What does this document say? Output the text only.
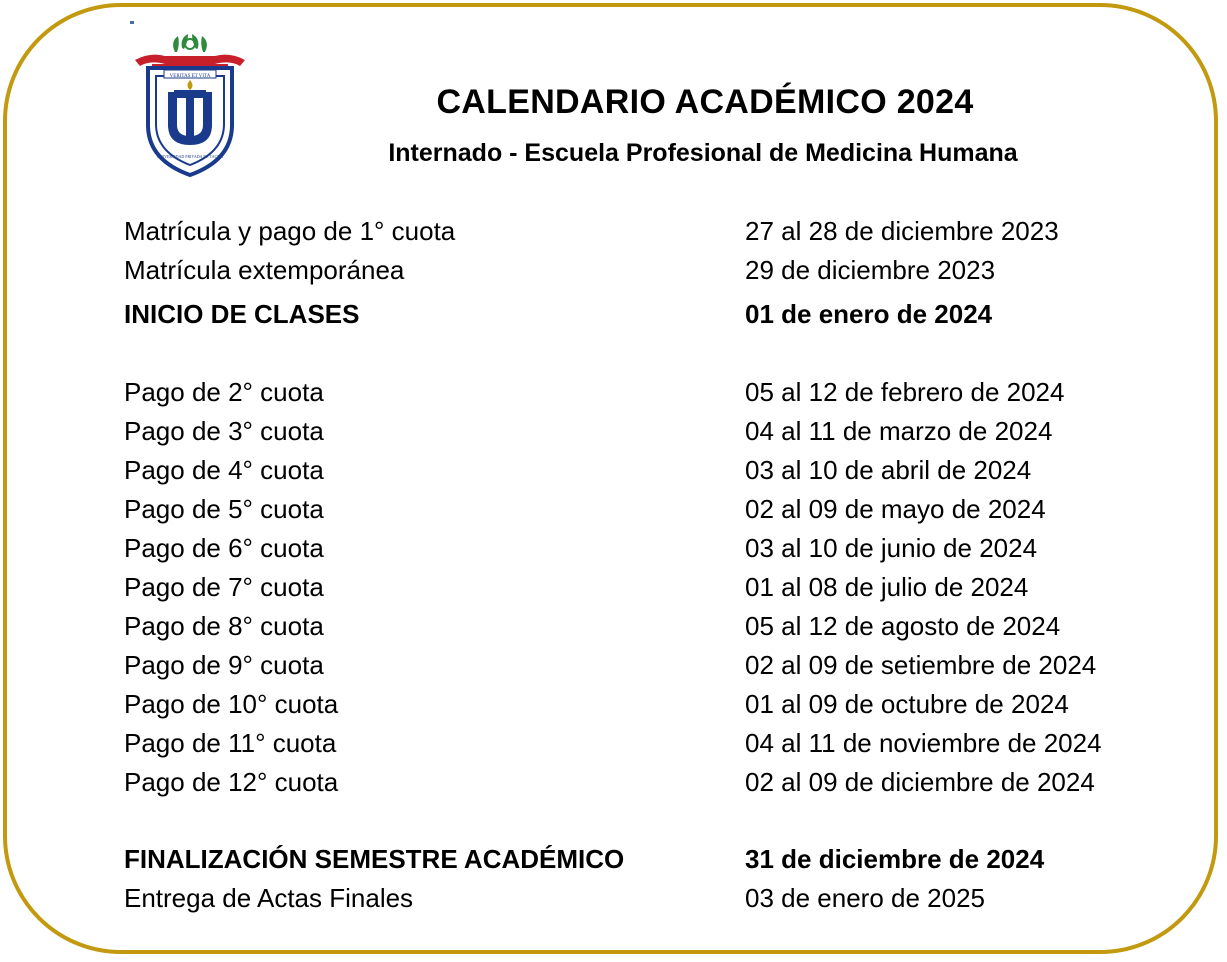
VERITAS ET VITA
UNIVERSIDAD PRIVADA DE TACNA
CALENDARIO ACADÉMICO 2024
Internado - Escuela Profesional de Medicina Humana
Matrícula y pago de 1° cuota	27 al 28 de diciembre 2023
Matrícula extemporánea	29 de diciembre 2023
INICIO DE CLASES	01 de enero de 2024
Pago de 2° cuota	05 al 12 de febrero de 2024
Pago de 3° cuota	04 al 11 de marzo de 2024
Pago de 4° cuota	03 al 10 de abril de 2024
Pago de 5° cuota	02 al 09 de mayo de 2024
Pago de 6° cuota	03 al 10 de junio de 2024
Pago de 7° cuota	01 al 08 de julio de 2024
Pago de 8° cuota	05 al 12 de agosto de 2024
Pago de 9° cuota	02 al 09 de setiembre de 2024
Pago de 10° cuota	01 al 09 de octubre de 2024
Pago de 11° cuota	04 al 11 de noviembre de 2024
Pago de 12° cuota	02 al 09 de diciembre de 2024
FINALIZACIÓN SEMESTRE ACADÉMICO	31 de diciembre de 2024
Entrega de Actas Finales	03 de enero de 2025
